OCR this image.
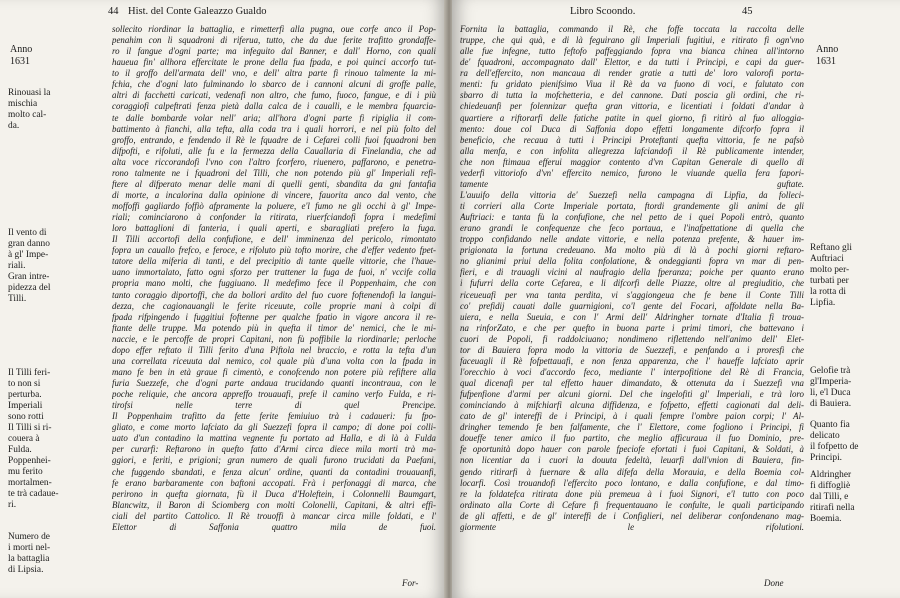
Hist. del Conte Galeazzo Gualdo
44
Anno
1631
Rinouasi la
mischia
molto cal-
da.
Il vento di
gran danno
à gl' Impe-
riali.
Gran intre-
pidezza del
Tilli.
Il Tilli feri-
to non si
perturba.
Imperiali
sono rotti
Il Tilli si ri-
couera à
Fulda.
Poppenhei-
mu ferito
mortalmen-
te trà cadaue-
ri.
Numero de
i morti nel-
la battaglia
di Lipsia.
sollecito riordinar la battaglia, e rimetterfi alla pugna, oue corfe anco il Pop-
penahim con li squadroni di riferua, tutto, che da due ferite trafitto grondaffe-
ro il fangue d'ogni parte; ma infeguito dal Banner, e dall' Horno, con quali
haueua fin' allhora effercitate le prone della fua fpada, e poi quinci accorfo tut-
to il groffo dell'armata dell' vno, e dell' altra parte fi rinouo talmente la mi-
fchia, che d'ogni lato fulminando lo sbarco de i cannoni alcuni di groffe palle,
altri di facchetti caricati, vedenafi non altro, che fumo, fuoco, fangue, e di i più
coraggiofi calpeftrati fenza pietà dalla calca de i caualli, e le membra fquarcia-
te dalle bombarde volar nell' aria; all'hora d'ogni parte fi ripiglia il com-
battimento à fianchi, alla tefta, alla coda tra i quali horrori, e nel più folto del
groffo, entrando, e fendendo il Rè le fquadre de i Cefarei colli fuoi fquadroni ben
difpofti, e rifoluti, alle fu e la fermezza della Cauallaria di Finelandia, che ad
alta voce riccorandofi l'vno con l'altro fcorfero, riuenero, paffarono, e penetra-
rono talmente ne i fquadroni del Tilli, che non potendo più gl' Imperiali refi-
ftere al difperato menar delle mani di quelli genti, sbandita da gni fantafia
di morte, a incalorina dalla opinione di vincere, fauorita anco dal vento, che
moffoffi gagliardo foffiò afpramente la poluere, e'l fumo ne gli occhi à gl' Impe-
riali; cominciarono à confonder la ritirata, riuerfciandofi fopra i medefimi
loro battaglioni di fanteria, i quali aperti, e sbaragliati prefero la fuga.
Il Tilli accortofi della confufione, e dell' imminenza del pericolo, rimontato
fopra un cauallo frefco, e feroce, e rifoluto più tofto morire, che d'effer vedento fpet-
tatore della miferia di tanti, e del precipitio di tante quelle vittorie, che l'haue-
uano immortalato, fatto ogni sforzo per trattener la fuga de fuoi, n' vccife colla
propria mano molti, che fuggiuano. Il medefimo fece il Poppenhaim, che con
tanto coraggio diportoffi, che da bollori ardito del fuo cuore foftenendofi la langui-
dezza, che cagionauangli le ferite riceuute, colle proprie mani à colpi di
fpada rifpingendo i fuggitiui foftenne per qualche fpatio in vigore ancora il re-
ftante delle truppe. Ma potendo più in quefta il timor de' nemici, che le mi-
naccie, e le percoffe de propri Capitani, non fù poffibile la riordinarle; perloche
dopo effer reftato il Tilli ferito d'una Piftola nel braccio, e rotta la tefta d'un
una correllata riceuuta dal nemico, col quale più d'una volta con la fpada in
mano fe ben in età graue fi cimentò, e conofcendo non potere più refiftere alla
furia Suezzefe, che d'ogni parte andaua trucidando quanti incontraua, con le
poche reliquie, che ancora appreffo trouauafi, prefe il camino verfo Fulda, e ri-
tirofsi nelle terre di quel Prencipe.
Il Poppenhaim trafitto da fette ferite femiuiuo trà i cadaueri: fu fpo-
gliato, e come morto lafciato da gli Suezzefi fopra il campo; di done poi colli-
uato d'un contadino la mattina vegnente fu portato ad Halla, e di là à Fulda
per curarfi: Reftarono in quefto fatto d'Armi circa diece mila morti trà ma-
ggiori, e feriti, e prigioni; gran numero de quali furono trucidati da Paefani,
che fuggendo sbandati, e fenza alcun' ordine, quanti da contadini trouauanfi,
fe erano barbaramente con baftoni accopati. Frà i perfonaggi di marca, che
perirono in quefta giornata, fù il Duca d'Holeftein, i Colonnelli Baumgart,
Blancwitz, il Baron di Sciomberg con molti Colonelli, Capitani, & altri effi-
ciali del partito Cattolico. Il Rè trouoffi à mancar circa mille foldati, e l'
Elettor di Saffonia quattro mila de fuoi.
For-
Libro Scoondo.	45
Anno
1631
Fornita la battaglia, commando il Rè, che foffe toccata la raccolta delle
truppe, che qui quà, e di là feguirano gli Imperiali fugitiui, e ritirato fi ogn'vno
alle fue infegne, tutto feftofo paffeggiando fopra vna bianca chinea all'intorno
de' fquadroni, accompagnato dall' Elettor, e da tutti i Principi, e capi da guer-
ra dell'effercito, non mancaua di render gratie a tutti de' loro valorofi porta-
menti: fu gridato pienifsimo Viua il Rè da va fuono di voci, e falutato con
sbarro di tutta la mofchetteria, e del cannone. Dati poscia gli ordini, che ri-
chiedeuanfi per folennizar quefta gran vittoria, e licentiati i foldati d'andar à
quartiere a riftorarfi delle fatiche patite in quel giorno, fi ritirò al fuo alloggia-
mento: doue col Duca di Saffonia dopo effetti longamente difcorfo fopra il
beneficio, che recaua à tutti i Principi Proteftanti quefta vittoria, fe ne pafsò
alla menfa, e con infolita allegrezza lafciandofi il Rè publicamente intender,
che non ftimaua efferui maggior contento d'vn Capitan Generale di quello di
vederfi vittoriofo d'vn' effercito nemico, furono le viuande quella fera fapori-
tamente guftate.
L'auuifo della vittoria de' Suezzefi nella campagna di Lipfia, da folleci-
ti corrieri alla Corte Imperiale portata, ftordi grandemente gli animi de gli
Auftriaci: e tanta fù la confufione, che nel petto de i quei Popoli entrò, quanto
erano grandi le confequenze che feco portaua, e l'inafpettatione di quella che
troppo confidando nelle andate vittorie, e nella potenza prefente, & hauer im-
prigionata la fortuna credeuano. Ma molto più di là à pochi giorni reftaro-
no glianimi priui della folita confolatione, & ondeggianti fopra vn mar di pen-
fieri, e di trauagli vicini al naufragio della fperanza; poiche per quanto erano
i fufurri della corte Cefarea, e li difcorfi delle Piazze, oltre al pregiuditio, che
riceueuafi per vna tanta perdita, vi s'aggiongeua che fe bene il Conte Tilli
co' prefidij cauati dalle guarnigioni, co'l gente del Focari, affoldate nella Ba-
uiera, e nella Sueuia, e con l' Armi dell' Aldringher tornate d'Italia fi troua-
na rinforZato, e che per quefto in buona parte i primi timori, che battevano i
cuori de Popoli, fi raddolciuano; nondimeno riflettendo nell'animo dell' Elet-
tor di Bauiera fopra modo la vittoria de Suezzefi, e penfando a i proresfi che
faceuagli il Rè fofpettauafi, e non fenza apparenza, che l' haueffe lafciato aprir
l'orecchio à voci d'accordo feco, mediante l' interpofitione del Rè di Francia,
qual dicenafi per tal effetto hauer dimandato, & ottenuta da i Suezzefi vna
fufpenfione d'armi per alcuni giorni. Del che ingelofiti gl' Imperiali, e trà loro
cominciando à mifchiarfi alcuna diffidenza, e fofpetto, effetti cagionati dal deli-
cato de gl' intereffi de i Principi, à i quali fempre l'ombre paion corpi; l' Al-
dringher temendo fe ben falfamente, che l' Elettore, come fogliono i Principi, fi
doueffe tener amico il fuo partito, che meglio afficuraua il fuo Dominio, pre-
fe oportunità dopo hauer con parole fpeciofe efortati i fuoi Capitani, & Soldati, à
non licentiar da i cuori la douuta fedeltà, leuarfi dall'vnion di Bauiera, fin-
gendo ritirarfi à fuernare & alla difefa della Morauia, e della Boemia col-
locarfi. Così trouandofi l'effercito poco lontano, e dalla confufione, e dal timo-
re la foldatefca ritirata done più premeua à i fuoi Signori, e'l tutto con poco
ordinato alla Corte di Cefare fi frequentauano le confulte, le quali participando
de gli affetti, e de gl' intereffi de i Configlieri, nel deliberar confondenano mag-
giormente le rifolutioni.
Reftano gli
Auftriaci
molto per-
turbati per
la rotta di
Lipfia.
Gelofie trà
gl'Imperia-
li, e'l Duca
di Bauiera.
Quanto fia
delicato
il fofpetto de
Principi.
Aldringher
fi diffogliè
dal Tilli, e
ritirafi nella
Boemia.
Done
